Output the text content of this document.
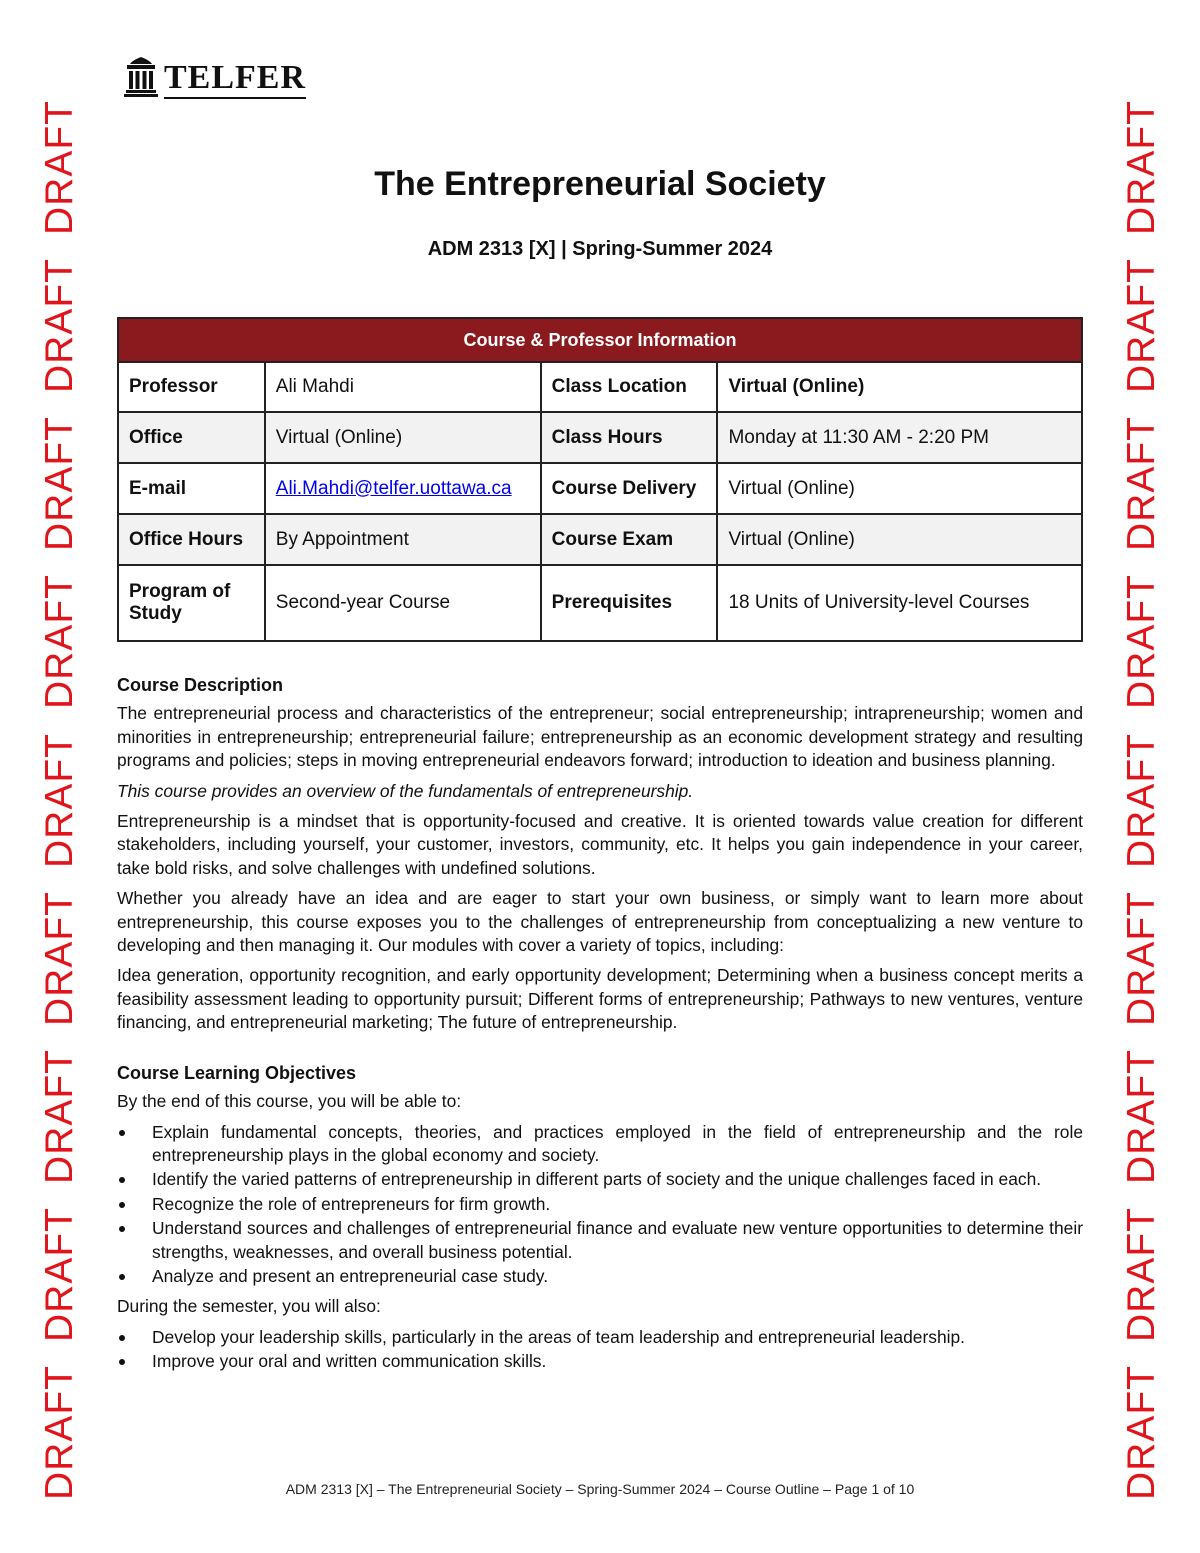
DRAFT
DRAFT
DRAFT
DRAFT
DRAFT
DRAFT
DRAFT
DRAFT
DRAFT
DRAFT
DRAFT
DRAFT
DRAFT
DRAFT
DRAFT
DRAFT
DRAFT
DRAFT
TELFER
The Entrepreneurial Society
ADM 2313 [X] | Spring-Summer 2024
Course & Professor Information			
Professor	Ali Mahdi	Class Location	Virtual (Online)
Office	Virtual (Online)	Class Hours	Monday at 11:30 AM - 2:20 PM
E-mail	Ali.Mahdi@telfer.uottawa.ca	Course Delivery	Virtual (Online)
Office Hours	By Appointment	Course Exam	Virtual (Online)
Program of Study	Second-year Course	Prerequisites	18 Units of University-level Courses
Course Description

The entrepreneurial process and characteristics of the entrepreneur; social entrepreneurship; intrapreneurship; women and minorities in entrepreneurship; entrepreneurial failure; entrepreneurship as an economic development strategy and resulting programs and policies; steps in moving entrepreneurial endeavors forward; introduction to ideation and business planning.

This course provides an overview of the fundamentals of entrepreneurship.

Entrepreneurship is a mindset that is opportunity-focused and creative. It is oriented towards value creation for different stakeholders, including yourself, your customer, investors, community, etc. It helps you gain independence in your career, take bold risks, and solve challenges with undefined solutions.

Whether you already have an idea and are eager to start your own business, or simply want to learn more about entrepreneurship, this course exposes you to the challenges of entrepreneurship from conceptualizing a new venture to developing and then managing it. Our modules with cover a variety of topics, including:

Idea generation, opportunity recognition, and early opportunity development; Determining when a business concept merits a feasibility assessment leading to opportunity pursuit; Different forms of entrepreneurship; Pathways to new ventures, venture financing, and entrepreneurial marketing; The future of entrepreneurship.

Course Learning Objectives

By the end of this course, you will be able to:

Explain fundamental concepts, theories, and practices employed in the field of entrepreneurship and the role entrepreneurship plays in the global economy and society.
Identify the varied patterns of entrepreneurship in different parts of society and the unique challenges faced in each.
Recognize the role of entrepreneurs for firm growth.
Understand sources and challenges of entrepreneurial finance and evaluate new venture opportunities to determine their strengths, weaknesses, and overall business potential.
Analyze and present an entrepreneurial case study.

During the semester, you will also:

Develop your leadership skills, particularly in the areas of team leadership and entrepreneurial leadership.
Improve your oral and written communication skills.
ADM 2313 [X] – The Entrepreneurial Society – Spring-Summer 2024 – Course Outline – Page 1 of 10
